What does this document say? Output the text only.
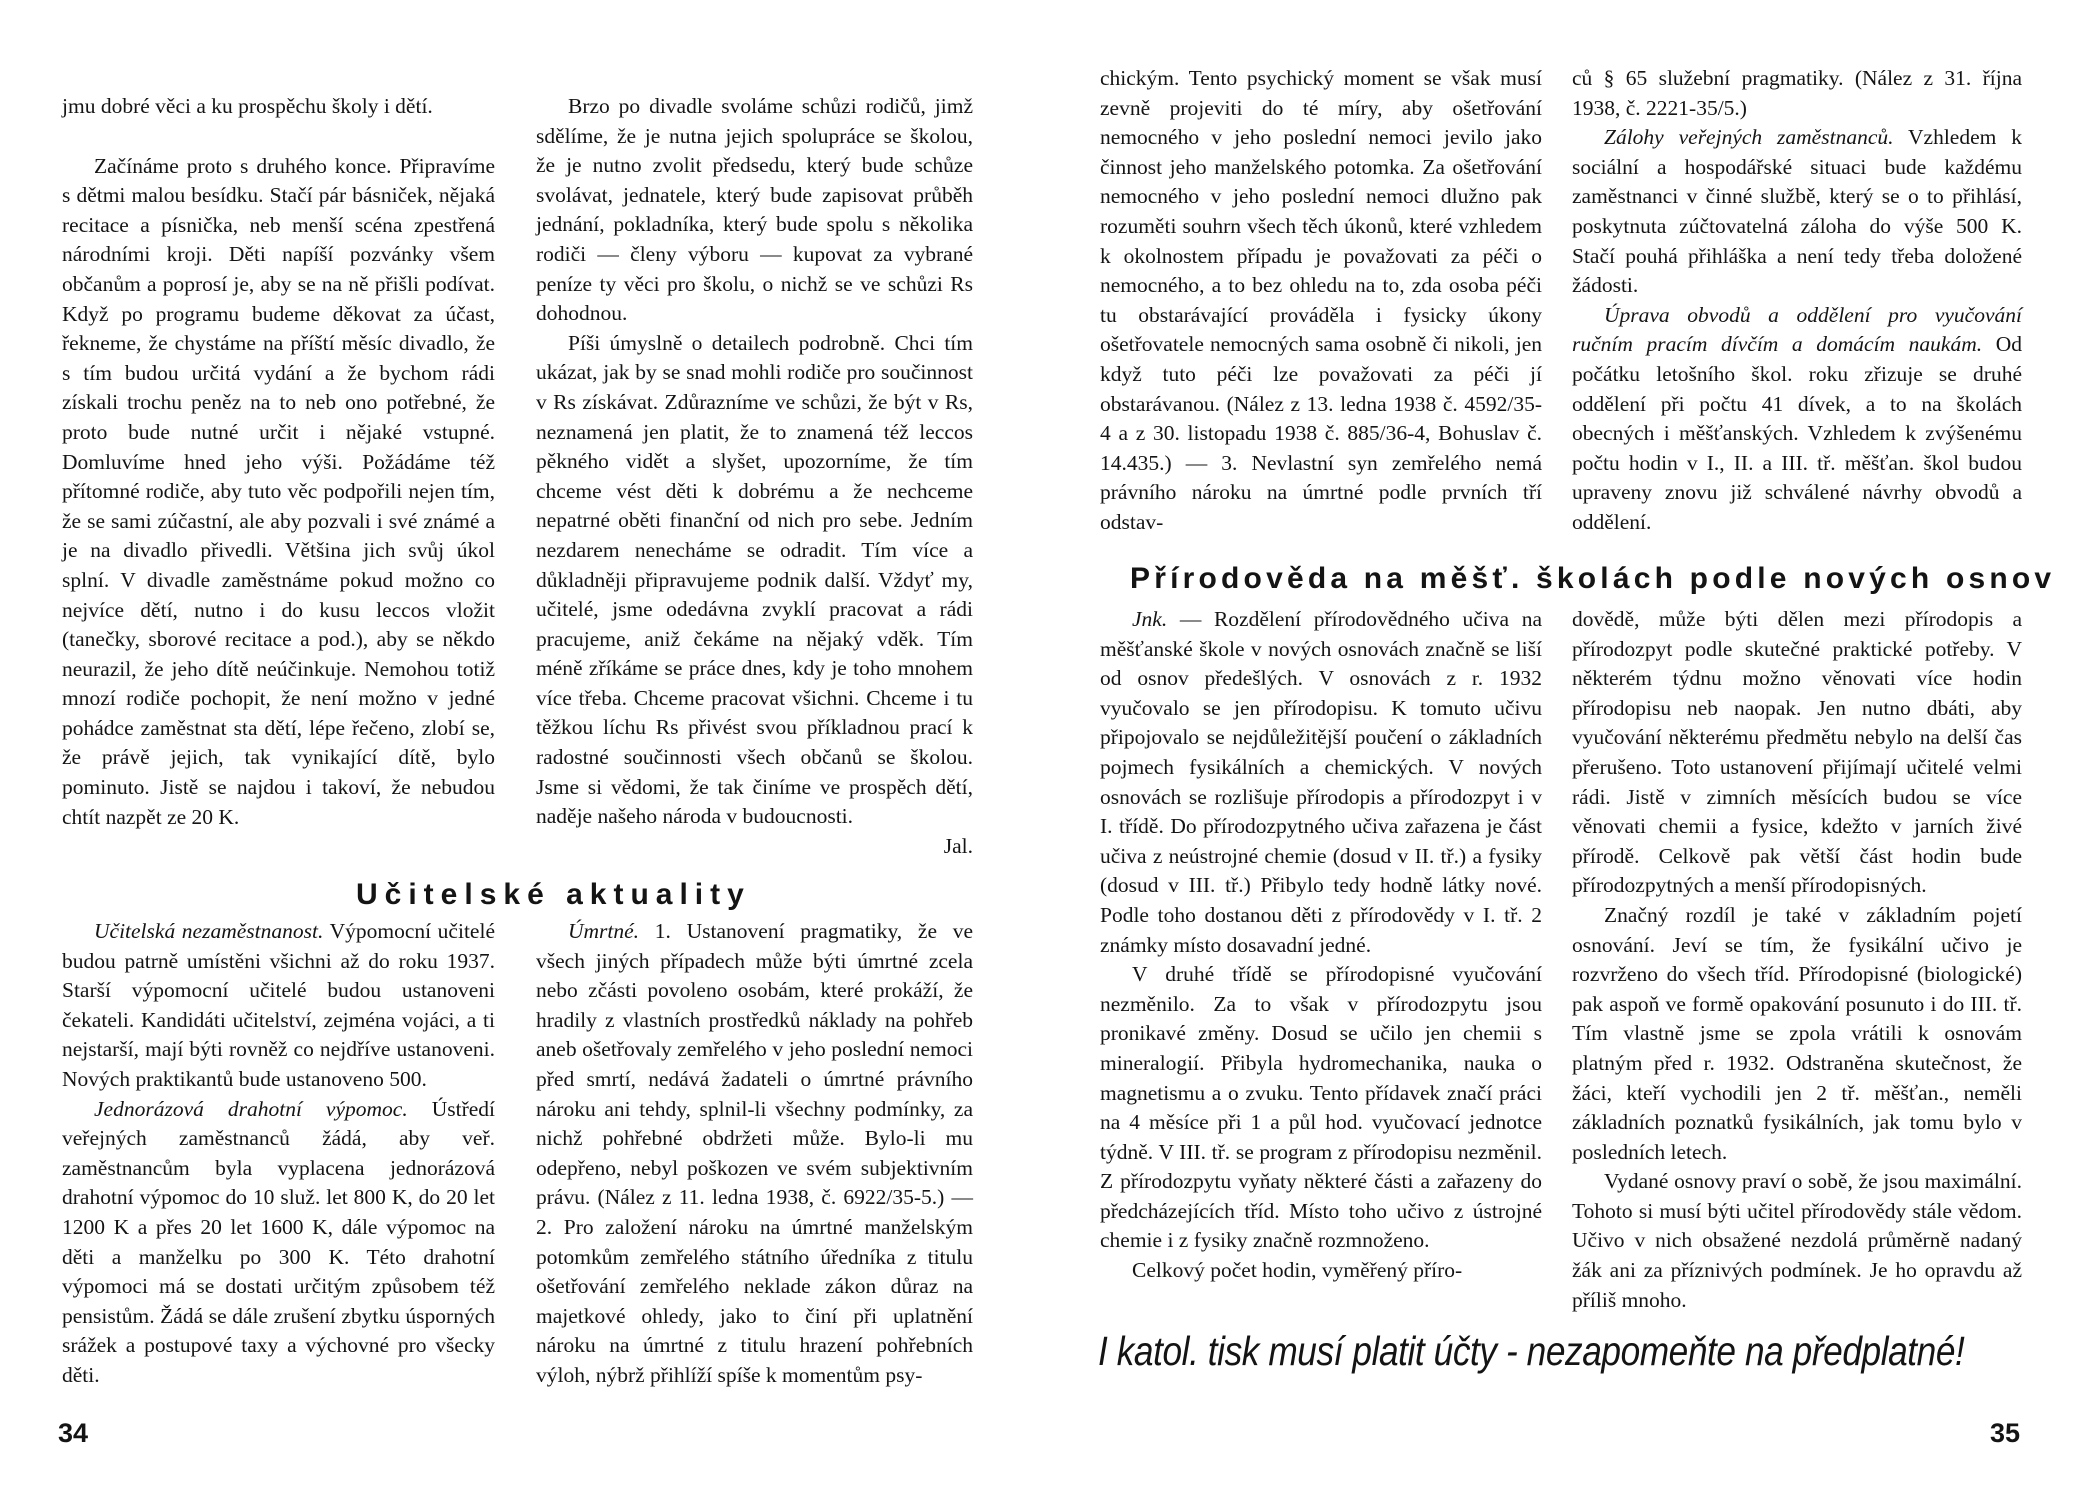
jmu dobré věci a ku prospěchu školy i dětí.

Začínáme proto s druhého konce. Připravíme s dětmi malou besídku. Stačí pár básniček, nějaká recitace a písnička, neb menší scéna zpestřená národními kroji. Děti napíší pozvánky všem občanům a poprosí je, aby se na ně přišli podívat. Když po programu budeme děkovat za účast, řekneme, že chystáme na příští měsíc divadlo, že s tím budou určitá vydání a že bychom rádi získali trochu peněz na to neb ono potřebné, že proto bude nutné určit i nějaké vstupné. Domluvíme hned jeho výši. Požádáme též přítomné rodiče, aby tuto věc podpořili nejen tím, že se sami zúčastní, ale aby pozvali i své známé a je na divadlo přivedli. Většina jich svůj úkol splní. V divadle zaměstnáme pokud možno co nejvíce dětí, nutno i do kusu leccos vložit (tanečky, sborové recitace a pod.), aby se někdo neurazil, že jeho dítě neúčinkuje. Nemohou totiž mnozí rodiče pochopit, že není možno v jedné pohádce zaměstnat sta dětí, lépe řečeno, zlobí se, že právě jejich, tak vynikající dítě, bylo pominuto. Jistě se najdou i takoví, že nebudou chtít nazpět ze 20 K.

Brzo po divadle svoláme schůzi rodičů, jimž sdělíme, že je nutna jejich spolupráce se školou, že je nutno zvolit předsedu, který bude schůze svolávat, jednatele, který bude zapisovat průběh jednání, pokladníka, který bude spolu s několika rodiči — členy výboru — kupovat za vybrané peníze ty věci pro školu, o nichž se ve schůzi Rs dohodnou.

Píši úmyslně o detailech podrobně. Chci tím ukázat, jak by se snad mohli rodiče pro součinnost v Rs získávat. Zdůrazníme ve schůzi, že být v Rs, neznamená jen platit, že to znamená též leccos pěkného vidět a slyšet, upozorníme, že tím chceme vést děti k dobrému a že nechceme nepatrné oběti finanční od nich pro sebe. Jedním nezdarem nenecháme se odradit. Tím více a důkladněji připravujeme podnik další. Vždyť my, učitelé, jsme odedávna zvyklí pracovat a rádi pracujeme, aniž čekáme na nějaký vděk. Tím méně zříkáme se práce dnes, kdy je toho mnohem více třeba. Chceme pracovat všichni. Chceme i tu těžkou líchu Rs přivést svou příkladnou prací k radostné součinnosti všech občanů se školou. Jsme si vědomi, že tak činíme ve prospěch dětí, naděje našeho národa v budoucnosti.

Jal.

Učitelské aktuality

Učitelská nezaměstnanost. Výpomocní učitelé budou patrně umístěni všichni až do roku 1937. Starší výpomocní učitelé budou ustanoveni čekateli. Kandidáti učitelství, zejména vojáci, a ti nejstarší, mají býti rovněž co nejdříve ustanoveni. Nových praktikantů bude ustanoveno 500.

Jednorázová drahotní výpomoc. Ústředí veřejných zaměstnanců žádá, aby veř. zaměstnancům byla vyplacena jednorázová drahotní výpomoc do 10 služ. let 800 K, do 20 let 1200 K a přes 20 let 1600 K, dále výpomoc na děti a manželku po 300 K. Této drahotní výpomoci má se dostati určitým způsobem též pensistům. Žádá se dále zrušení zbytku úsporných srážek a postupové taxy a výchovné pro všecky děti.

Úmrtné. 1. Ustanovení pragmatiky, že ve všech jiných případech může býti úmrtné zcela nebo zčásti povoleno osobám, které prokáží, že hradily z vlastních prostředků náklady na pohřeb aneb ošetřovaly zemřelého v jeho poslední nemoci před smrtí, nedává žadateli o úmrtné právního nároku ani tehdy, splnil-li všechny podmínky, za nichž pohřebné obdržeti může. Bylo-li mu odepřeno, nebyl poškozen ve svém subjektivním právu. (Nález z 11. ledna 1938, č. 6922/35-5.) — 2. Pro založení nároku na úmrtné manželským potomkům zemřelého státního úředníka z titulu ošetřování zemřelého neklade zákon důraz na majetkové ohledy, jako to činí při uplatnění nároku na úmrtné z titulu hrazení pohřebních výloh, nýbrž přihlíží spíše k momentům psy-

34

chickým. Tento psychický moment se však musí zevně projeviti do té míry, aby ošetřování nemocného v jeho poslední nemoci jevilo jako činnost jeho manželského potomka. Za ošetřování nemocného v jeho poslední nemoci dlužno pak rozuměti souhrn všech těch úkonů, které vzhledem k okolnostem případu je považovati za péči o nemocného, a to bez ohledu na to, zda osoba péči tu obstarávající prováděla i fysicky úkony ošetřovatele nemocných sama osobně či nikoli, jen když tuto péči lze považovati za péči jí obstarávanou. (Nález z 13. ledna 1938 č. 4592/35-4 a z 30. listopadu 1938 č. 885/36-4, Bohuslav č. 14.435.) — 3. Nevlastní syn zemřelého nemá právního nároku na úmrtné podle prvních tří odstav-

ců § 65 služební pragmatiky. (Nález z 31. října 1938, č. 2221-35/5.)

Zálohy veřejných zaměstnanců. Vzhledem k sociální a hospodářské situaci bude každému zaměstnanci v činné službě, který se o to přihlásí, poskytnuta zúčtovatelná záloha do výše 500 K. Stačí pouhá přihláška a není tedy třeba doložené žádosti.

Úprava obvodů a oddělení pro vyučování ručním pracím dívčím a domácím naukám. Od počátku letošního škol. roku zřizuje se druhé oddělení při počtu 41 dívek, a to na školách obecných i měšťanských. Vzhledem k zvýšenému počtu hodin v I., II. a III. tř. měšťan. škol budou upraveny znovu již schválené návrhy obvodů a oddělení.

Přírodověda na měšť. školách podle nových osnov

Jnk. — Rozdělení přírodovědného učiva na měšťanské škole v nových osnovách značně se liší od osnov předešlých. V osnovách z r. 1932 vyučovalo se jen přírodopisu. K tomuto učivu připojovalo se nejdůležitější poučení o základních pojmech fysikálních a chemických. V nových osnovách se rozlišuje přírodopis a přírodozpyt i v I. třídě. Do přírodozpytného učiva zařazena je část učiva z neústrojné chemie (dosud v II. tř.) a fysiky (dosud v III. tř.) Přibylo tedy hodně látky nové. Podle toho dostanou děti z přírodovědy v I. tř. 2 známky místo dosavadní jedné.

V druhé třídě se přírodopisné vyučování nezměnilo. Za to však v přírodozpytu jsou pronikavé změny. Dosud se učilo jen chemii s mineralogií. Přibyla hydromechanika, nauka o magnetismu a o zvuku. Tento přídavek značí práci na 4 měsíce při 1 a půl hod. vyučovací jednotce týdně. V III. tř. se program z přírodopisu nezměnil. Z přírodozpytu vyňaty některé části a zařazeny do předcházejících tříd. Místo toho učivo z ústrojné chemie i z fysiky značně rozmnoženo.

Celkový počet hodin, vyměřený příro-

dovědě, může býti dělen mezi přírodopis a přírodozpyt podle skutečné praktické potřeby. V některém týdnu možno věnovati více hodin přírodopisu neb naopak. Jen nutno dbáti, aby vyučování některému předmětu nebylo na delší čas přerušeno. Toto ustanovení přijímají učitelé velmi rádi. Jistě v zimních měsících budou se více věnovati chemii a fysice, kdežto v jarních živé přírodě. Celkově pak větší část hodin bude přírodozpytných a menší přírodopisných.

Značný rozdíl je také v základním pojetí osnování. Jeví se tím, že fysikální učivo je rozvrženo do všech tříd. Přírodopisné (biologické) pak aspoň ve formě opakování posunuto i do III. tř. Tím vlastně jsme se zpola vrátili k osnovám platným před r. 1932. Odstraněna skutečnost, že žáci, kteří vychodili jen 2 tř. měšťan., neměli základních poznatků fysikálních, jak tomu bylo v posledních letech.

Vydané osnovy praví o sobě, že jsou maximální. Tohoto si musí býti učitel přírodovědy stále vědom. Učivo v nich obsažené nezdolá průměrně nadaný žák ani za příznivých podmínek. Je ho opravdu až příliš mnoho.

I katol. tisk musí platit účty - nezapomeňte na předplatné!
35
